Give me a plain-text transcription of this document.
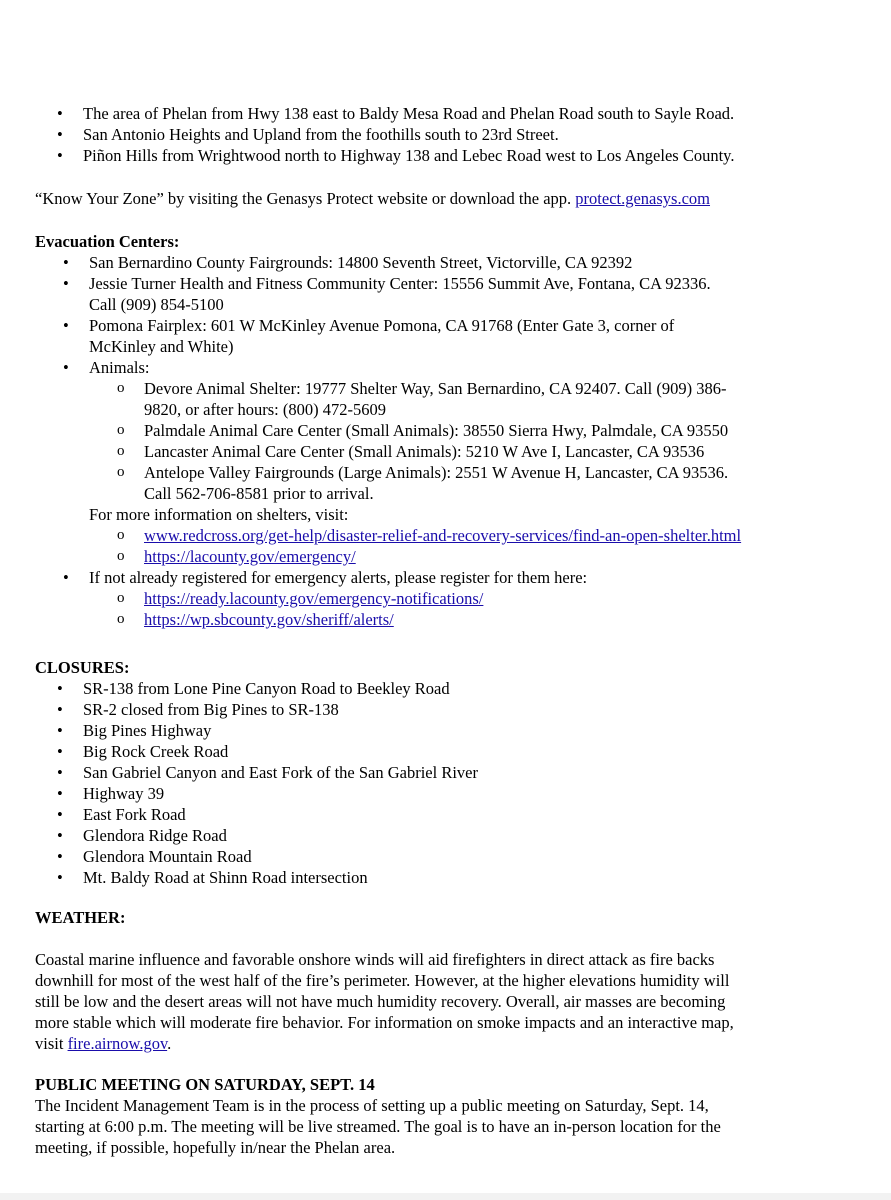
• The area of Phelan from Hwy 138 east to Baldy Mesa Road and Phelan Road south to Sayle Road.
• San Antonio Heights and Upland from the foothills south to 23rd Street.
• Piñon Hills from Wrightwood north to Highway 138 and Lebec Road west to Los Angeles County.
“Know Your Zone” by visiting the Genasys Protect website or download the app. protect.genasys.com
Evacuation Centers:
• San Bernardino County Fairgrounds: 14800 Seventh Street, Victorville, CA 92392
• Jessie Turner Health and Fitness Community Center: 15556 Summit Ave, Fontana, CA 92336.
Call (909) 854-5100
• Pomona Fairplex: 601 W McKinley Avenue Pomona, CA 91768 (Enter Gate 3, corner of
McKinley and White)
• Animals:
o Devore Animal Shelter: 19777 Shelter Way, San Bernardino, CA 92407. Call (909) 386-
9820, or after hours: (800) 472-5609
o Palmdale Animal Care Center (Small Animals): 38550 Sierra Hwy, Palmdale, CA 93550
o Lancaster Animal Care Center (Small Animals): 5210 W Ave I, Lancaster, CA 93536
o Antelope Valley Fairgrounds (Large Animals): 2551 W Avenue H, Lancaster, CA 93536.
Call 562-706-8581 prior to arrival.
For more information on shelters, visit:
o www.redcross.org/get-help/disaster-relief-and-recovery-services/find-an-open-shelter.html
o https://lacounty.gov/emergency/
• If not already registered for emergency alerts, please register for them here:
o https://ready.lacounty.gov/emergency-notifications/
o https://wp.sbcounty.gov/sheriff/alerts/
CLOSURES:
• SR-138 from Lone Pine Canyon Road to Beekley Road
• SR-2 closed from Big Pines to SR-138
• Big Pines Highway
• Big Rock Creek Road
• San Gabriel Canyon and East Fork of the San Gabriel River
• Highway 39
• East Fork Road
• Glendora Ridge Road
• Glendora Mountain Road
• Mt. Baldy Road at Shinn Road intersection
WEATHER:
Coastal marine influence and favorable onshore winds will aid firefighters in direct attack as fire backs
downhill for most of the west half of the fire’s perimeter. However, at the higher elevations humidity will
still be low and the desert areas will not have much humidity recovery. Overall, air masses are becoming
more stable which will moderate fire behavior. For information on smoke impacts and an interactive map,
visit fire.airnow.gov.
PUBLIC MEETING ON SATURDAY, SEPT. 14
The Incident Management Team is in the process of setting up a public meeting on Saturday, Sept. 14,
starting at 6:00 p.m. The meeting will be live streamed. The goal is to have an in-person location for the
meeting, if possible, hopefully in/near the Phelan area.
